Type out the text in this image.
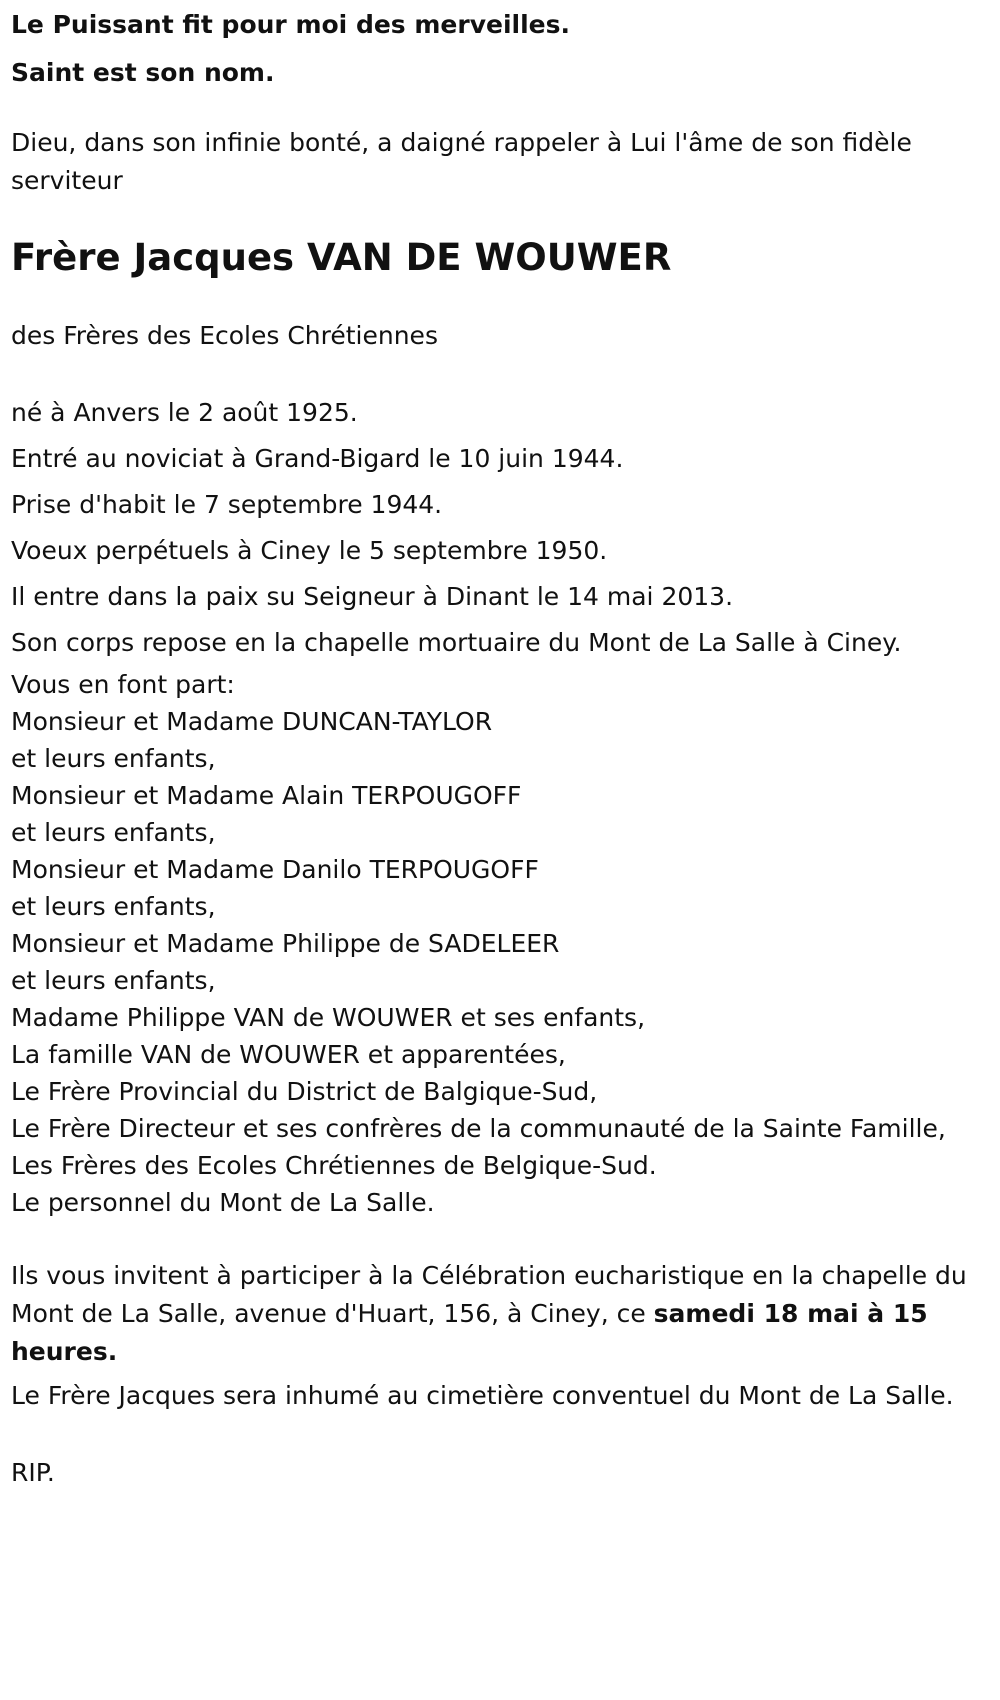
Le Puissant fit pour moi des merveilles.

Saint est son nom.

Dieu, dans son infinie bonté, a daigné rappeler à Lui l'âme de son fidèle serviteur

Frère Jacques VAN DE WOUWER

des Frères des Ecoles Chrétiennes

né à Anvers le 2 août 1925.

Entré au noviciat à Grand-Bigard le 10 juin 1944.

Prise d'habit le 7 septembre 1944.

Voeux perpétuels à Ciney le 5 septembre 1950.

Il entre dans la paix su Seigneur à Dinant le 14 mai 2013.

Son corps repose en la chapelle mortuaire du Mont de La Salle à Ciney.

Vous en font part:

Monsieur et Madame DUNCAN-TAYLOR

et leurs enfants,

Monsieur et Madame Alain TERPOUGOFF

et leurs enfants,

Monsieur et Madame Danilo TERPOUGOFF

et leurs enfants,

Monsieur et Madame Philippe de SADELEER

et leurs enfants,

Madame Philippe VAN de WOUWER et ses enfants,

La famille VAN de WOUWER et apparentées,

Le Frère Provincial du District de Balgique-Sud,

Le Frère Directeur et ses confrères de la communauté de la Sainte Famille,

Les Frères des Ecoles Chrétiennes de Belgique-Sud.

Le personnel du Mont de La Salle.

Ils vous invitent à participer à la Célébration eucharistique en la chapelle du Mont de La Salle, avenue d'Huart, 156, à Ciney, ce samedi 18 mai à 15 heures.

Le Frère Jacques sera inhumé au cimetière conventuel du Mont de La Salle.

RIP.
